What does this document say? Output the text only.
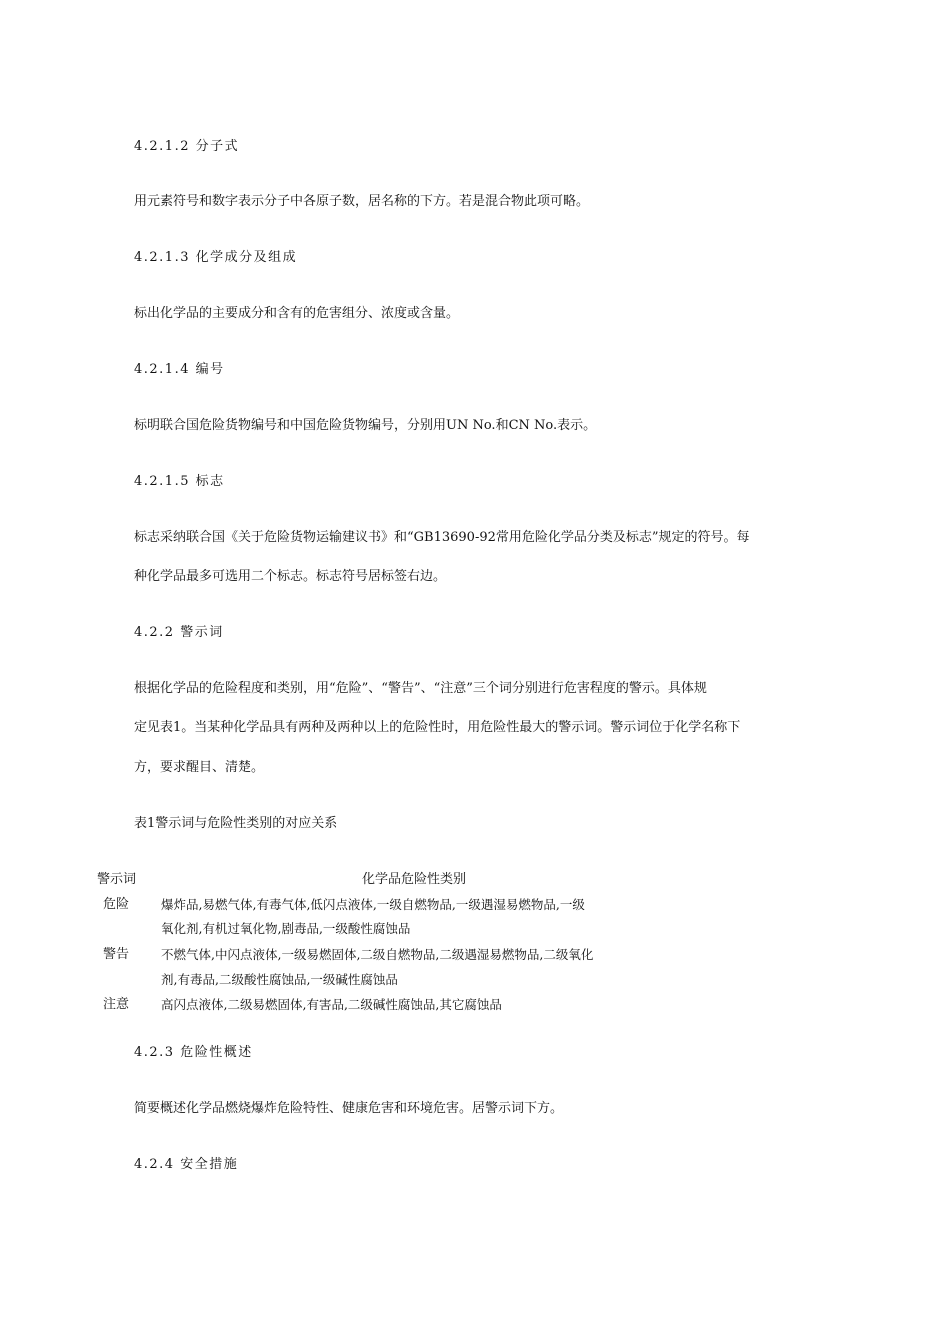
4.2.1.2 分子式
用元素符号和数字表示分子中各原子数，居名称的下方。若是混合物此项可略。
4.2.1.3 化学成分及组成
标出化学品的主要成分和含有的危害组分、浓度或含量。
4.2.1.4 编号
标明联合国危险货物编号和中国危险货物编号，分别用UN No.和CN No.表示。
4.2.1.5 标志
标志采纳联合国《关于危险货物运输建议书》和“GB13690-92常用危险化学品分类及标志”规定的符号。每
种化学品最多可选用二个标志。标志符号居标签右边。
4.2.2 警示词
根据化学品的危险程度和类别，用“危险”、“警告”、“注意”三个词分别进行危害程度的警示。具体规
定见表1。当某种化学品具有两种及两种以上的危险性时，用危险性最大的警示词。警示词位于化学名称下
方，要求醒目、清楚。
表1警示词与危险性类别的对应关系
警示词	化学品危险性类别
危险	爆炸品,易燃气体,有毒气体,低闪点液体,一级自燃物品,一级遇湿易燃物品,一级
氧化剂,有机过氧化物,剧毒品,一级酸性腐蚀品
警告	不燃气体,中闪点液体,一级易燃固体,二级自燃物品,二级遇湿易燃物品,二级氧化
剂,有毒品,二级酸性腐蚀品,一级碱性腐蚀品
注意	高闪点液体,二级易燃固体,有害品,二级碱性腐蚀品,其它腐蚀品
4.2.3 危险性概述
简要概述化学品燃烧爆炸危险特性、健康危害和环境危害。居警示词下方。
4.2.4 安全措施
